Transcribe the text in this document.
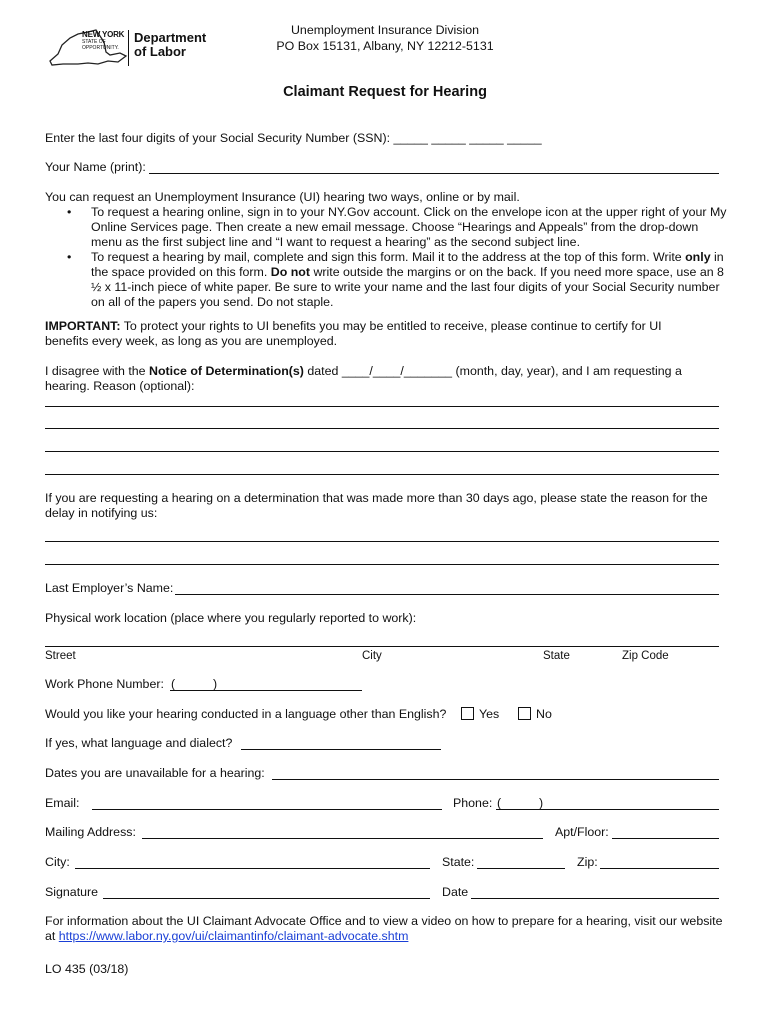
NEW YORK
STATE OF
OPPORTUNITY.
Department
of Labor
Unemployment Insurance Division
PO Box 15131, Albany, NY 12212-5131
Claimant Request for Hearing
Enter the last four digits of your Social Security Number (SSN): _____ _____ _____ _____
Your Name (print):
You can request an Unemployment Insurance (UI) hearing two ways, online or by mail.
• To request a hearing online, sign in to your NY.Gov account. Click on the envelope icon at the upper right of your My Online Services page. Then create a new email message. Choose “Hearings and Appeals” from the drop-down menu as the first subject line and “I want to request a hearing” as the second subject line.
• To request a hearing by mail, complete and sign this form. Mail it to the address at the top of this form. Write only in the space provided on this form. Do not write outside the margins or on the back. If you need more space, use an 8 ½ x 11-inch piece of white paper. Be sure to write your name and the last four digits of your Social Security number on all of the papers you send. Do not staple.
IMPORTANT: To protect your rights to UI benefits you may be entitled to receive, please continue to certify for UI benefits every week, as long as you are unemployed.
I disagree with the Notice of Determination(s) dated ____/____/_______ (month, day, year), and I am requesting a hearing. Reason (optional):
If you are requesting a hearing on a determination that was made more than 30 days ago, please state the reason for the delay in notifying us:
Last Employer’s Name:
Physical work location (place where you regularly reported to work):
Street	City	State	Zip Code
Work Phone Number: (           )
Would you like your hearing conducted in a language other than English?	Yes	No
If yes, what language and dialect?
Dates you are unavailable for a hearing:
Email:	Phone: (           )
Mailing Address:	Apt/Floor:
City:	State:	Zip:
Signature	Date
For information about the UI Claimant Advocate Office and to view a video on how to prepare for a hearing, visit our website at https://www.labor.ny.gov/ui/claimantinfo/claimant-advocate.shtm
LO 435 (03/18)
